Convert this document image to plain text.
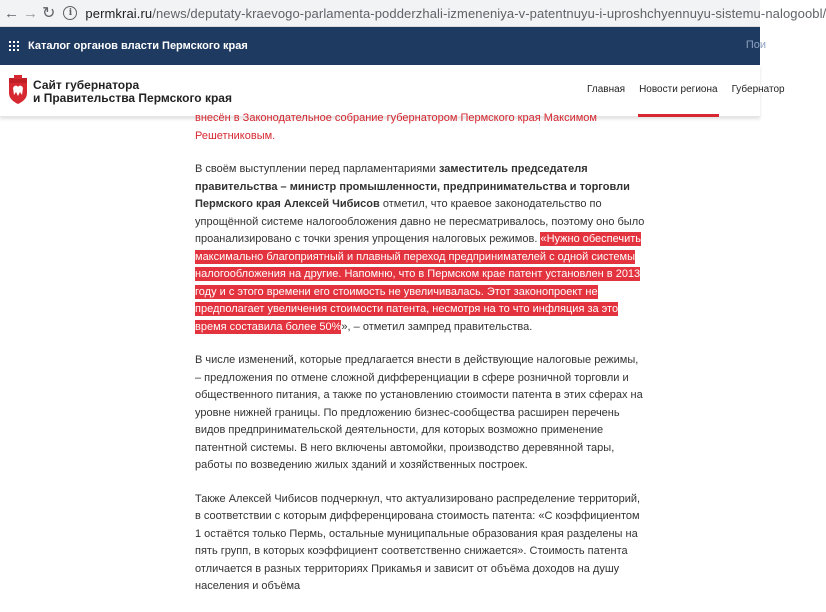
← → ↻	i	permkrai.ru/news/deputaty-kraevogo-parlamenta-podderzhali-izmeneniya-v-patentnuyu-i-uproshchyennuyu-sistemu-nalogoobl/
Каталог органов власти Пермского края	Пои
Сайт губернатора
и Правительства Пермского края
Главная Новости региона Губернатор

внесён в Законодательное собрание губернатором Пермского края Максимом Решетниковым.

В своём выступлении перед парламентариями заместитель председателя правительства – министр промышленности, предпринимательства и торговли Пермского края Алексей Чибисов отметил, что краевое законодательство по упрощённой системе налогообложения давно не пересматривалось, поэтому оно было проанализировано с точки зрения упрощения налоговых режимов. «Нужно обеспечить максимально благоприятный и плавный переход предпринимателей с одной системы налогообложения на другие. Напомню, что в Пермском крае патент установлен в 2013 году и с этого времени его стоимость не увеличивалась. Этот законопроект не предполагает увеличения стоимости патента, несмотря на то что инфляция за это время составила более 50%», – отметил зампред правительства.

В числе изменений, которые предлагается внести в действующие налоговые режимы, – предложения по отмене сложной дифференциации в сфере розничной торговли и общественного питания, а также по установлению стоимости патента в этих сферах на уровне нижней границы. По предложению бизнес-сообщества расширен перечень видов предпринимательской деятельности, для которых возможно применение патентной системы. В него включены автомойки, производство деревянной тары, работы по возведению жилых зданий и хозяйственных построек.

Также Алексей Чибисов подчеркнул, что актуализировано распределение территорий, в соответствии с которым дифференцирована стоимость патента: «С коэффициентом 1 остаётся только Пермь, остальные муниципальные образования края разделены на пять групп, в которых коэффициент соответственно снижается». Стоимость патента отличается в разных территориях Прикамья и зависит от объёма доходов на душу населения и объёма
